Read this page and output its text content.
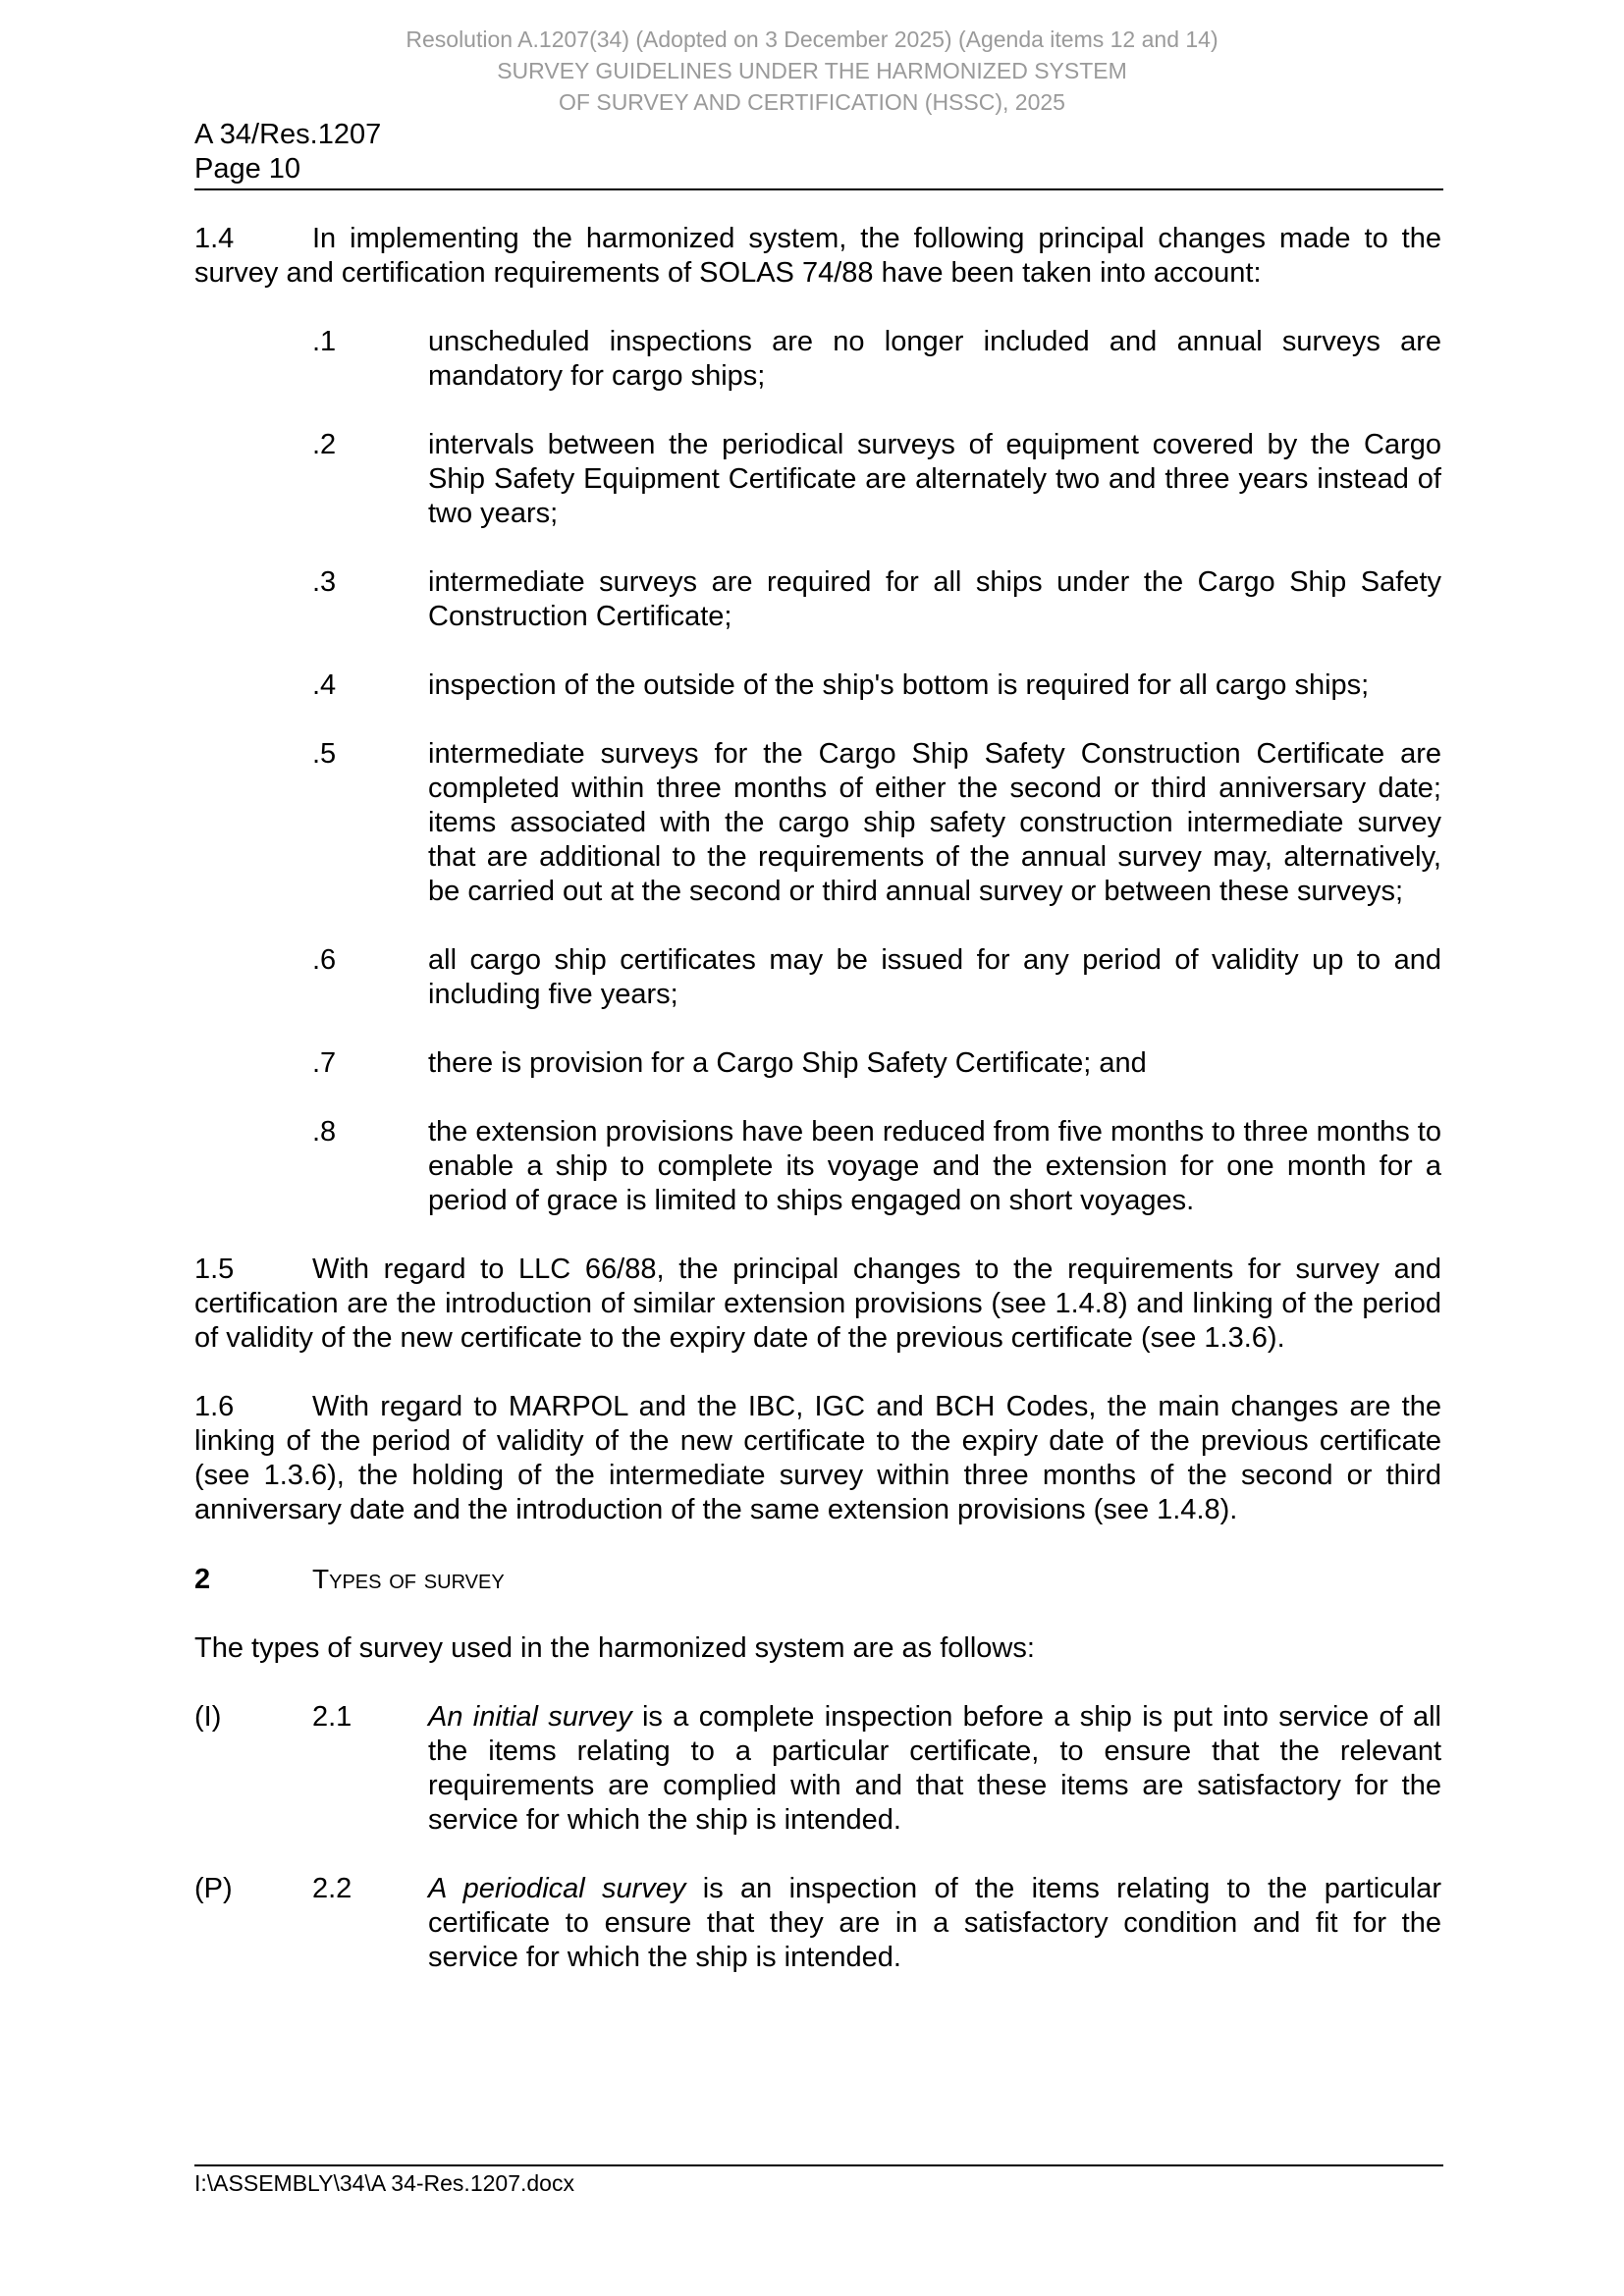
Resolution A.1207(34) (Adopted on 3 December 2025) (Agenda items 12 and 14)
SURVEY GUIDELINES UNDER THE HARMONIZED SYSTEM
OF SURVEY AND CERTIFICATION (HSSC), 2025
A 34/Res.1207
Page 10

1.4	In implementing the harmonized system, the following principal changes made to the survey and certification requirements of SOLAS 74/88 have been taken into account:

.1	unscheduled inspections are no longer included and annual surveys are mandatory for cargo ships;
.2	intervals between the periodical surveys of equipment covered by the Cargo Ship Safety Equipment Certificate are alternately two and three years instead of two years;
.3	intermediate surveys are required for all ships under the Cargo Ship Safety Construction Certificate;
.4	inspection of the outside of the ship's bottom is required for all cargo ships;
.5	intermediate surveys for the Cargo Ship Safety Construction Certificate are completed within three months of either the second or third anniversary date; items associated with the cargo ship safety construction intermediate survey that are additional to the requirements of the annual survey may, alternatively, be carried out at the second or third annual survey or between these surveys;
.6	all cargo ship certificates may be issued for any period of validity up to and including five years;
.7	there is provision for a Cargo Ship Safety Certificate; and
.8	the extension provisions have been reduced from five months to three months to enable a ship to complete its voyage and the extension for one month for a period of grace is limited to ships engaged on short voyages.

1.5	With regard to LLC 66/88, the principal changes to the requirements for survey and certification are the introduction of similar extension provisions (see 1.4.8) and linking of the period of validity of the new certificate to the expiry date of the previous certificate (see 1.3.6).

1.6	With regard to MARPOL and the IBC, IGC and BCH Codes, the main changes are the linking of the period of validity of the new certificate to the expiry date of the previous certificate (see 1.3.6), the holding of the intermediate survey within three months of the second or third anniversary date and the introduction of the same extension provisions (see 1.4.8).

2	Types of survey

The types of survey used in the harmonized system are as follows:

(I)	2.1	An initial survey is a complete inspection before a ship is put into service of all the items relating to a particular certificate, to ensure that the relevant requirements are complied with and that these items are satisfactory for the service for which the ship is intended.
(P)	2.2	A periodical survey is an inspection of the items relating to the particular certificate to ensure that they are in a satisfactory condition and fit for the service for which the ship is intended.
I:\ASSEMBLY\34\A 34-Res.1207.docx
